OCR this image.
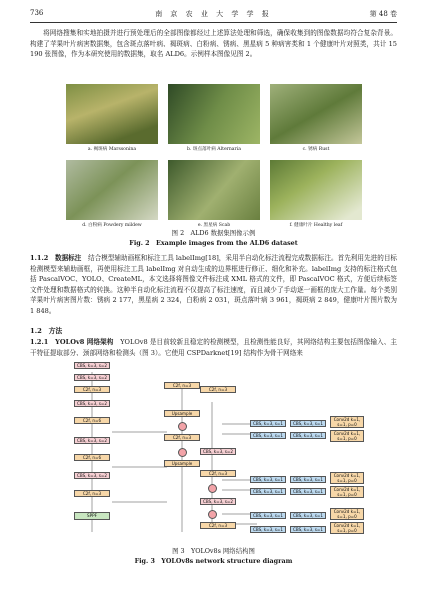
736	南 京 农 业 大 学 学 报	第 48 卷
将网络搜集和实地拍摄并进行预处理后的全部图像都经过上述算法处理和筛选，确保收集到的图像数据均符合复杂背景。构建了苹果叶片病害数据集，包含斑点落叶病、褐斑病、白粉病、锈病、黑星病 5 种病害类和 1 个健康叶片对照类，共计 15 190 张图像，作为本研究使用的数据集，取名 ALD6。示例样本图像见图 2。
a. 褐斑病 Marssonina	b. 斑点落叶病 Alternaria	c. 锈病 Rust
d. 白粉病 Powdery mildew	e. 黑星病 Scab	f. 健康叶片 Healthy leaf
图 2　ALD6 数据集图像示例
Fig. 2　Example images from the ALD6 dataset
1.1.2　数据标注　 结合模型辅助画框和标注工具 labelImg[18]，采用半自动化标注流程完成数据标注。首先利用先进的目标检测模型来辅助画框，再使用标注工具 labelImg 对自动生成的边界框进行修正、细化和补充。labelImg 支持的标注格式包括 PascalVOC、YOLO、CreateML，本文选择将图像文件标注成 XML 格式的文件，即 PascalVOC 格式，方便后续标签文件处理和数据格式的转换。这种半自动化标注流程不仅提高了标注速度，而且减少了手动逐一画框的庞大工作量。每个类别苹果叶片病害图片数：锈病 2 177，黑星病 2 324，白粉病 2 031，斑点落叶病 3 961，褐斑病 2 849，健康叶片图片数为 1 848。
1.2　方法
1.2.1　YOLOv8 网络架构　 YOLOv8 是目前较新且稳定的检测模型，且检测性能良好，其网络结构主要包括图像输入、主干特征提取部分、颈部网络和检测头（图 3）。它使用 CSPDarknet[19] 结构作为骨干网络来
CBS, k=3, s=2
CBS, k=3, s=2
C2f, n=3
CBS, k=3, s=2
C2f, n=6
CBS, k=3, s=2
C2f, n=6
CBS, k=3, s=2
C2f, n=3
SPPF
C2f, n=3
Upsample
C2f, n=3
Upsample
C2f, n=3
CBS, k=3, s=2
C2f, n=3
CBS, k=3, s=2
C2f, n=3
CBS, k=3, s=1	CBS, k=3, s=1
Conv2d k=1, s=1, p=0
CBS, k=3, s=1	CBS, k=3, s=1	Conv2d k=1, s=1, p=0
CBS, k=3, s=1	CBS, k=3, s=1
Conv2d k=1, s=1, p=0
CBS, k=3, s=1	CBS, k=3, s=1	Conv2d k=1, s=1, p=0
CBS, k=3, s=1	CBS, k=3, s=1
Conv2d k=1, s=1, p=0
CBS, k=3, s=1	CBS, k=3, s=1
Conv2d k=1, s=1, p=0
图 3　YOLOv8s 网络结构图
Fig. 3　YOLOv8s network structure diagram
